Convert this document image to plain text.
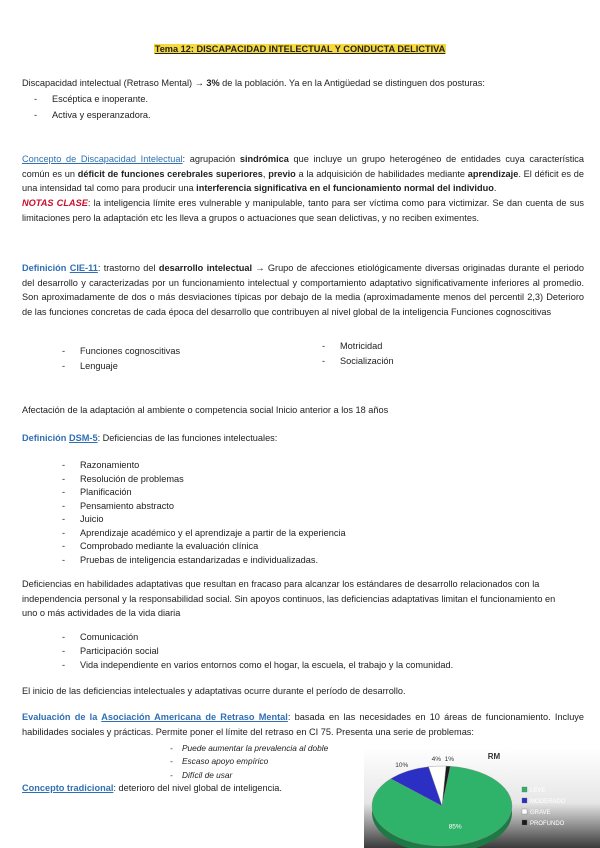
Tema 12: DISCAPACIDAD INTELECTUAL Y CONDUCTA DELICTIVA
Discapacidad intelectual (Retraso Mental) → 3% de la población. Ya en la Antigüedad se distinguen dos posturas:
- Escéptica e inoperante.
- Activa y esperanzadora.
Concepto de Discapacidad Intelectual: agrupación sindrómica que incluye un grupo heterogéneo de entidades cuya característica común es un déficit de funciones cerebrales superiores, previo a la adquisición de habilidades mediante aprendizaje. El déficit es de una intensidad tal como para producir una interferencia significativa en el funcionamiento normal del individuo.
NOTAS CLASE: la inteligencia límite eres vulnerable y manipulable, tanto para ser víctima como para victimizar. Se dan cuenta de sus limitaciones pero la adaptación etc les lleva a grupos o actuaciones que sean delictivas, y no reciben eximentes.
Definición CIE-11: trastorno del desarrollo intelectual → Grupo de afecciones etiológicamente diversas originadas durante el periodo del desarrollo y caracterizadas por un funcionamiento intelectual y comportamiento adaptativo significativamente inferiores al promedio. Son aproximadamente de dos o más desviaciones típicas por debajo de la media (aproximadamente menos del percentil 2,3) Deterioro de las funciones concretas de cada época del desarrollo que contribuyen al nivel global de la inteligencia Funciones cognoscitivas
- Funciones cognoscitivas
- Lenguaje
- Motricidad
- Socialización
Afectación de la adaptación al ambiente o competencia social Inicio anterior a los 18 años
Definición DSM-5: Deficiencias de las funciones intelectuales:
- Razonamiento
- Resolución de problemas
- Planificación
- Pensamiento abstracto
- Juicio
- Aprendizaje académico y el aprendizaje a partir de la experiencia
- Comprobado mediante la evaluación clínica
- Pruebas de inteligencia estandarizadas e individualizadas.
Deficiencias en habilidades adaptativas que resultan en fracaso para alcanzar los estándares de desarrollo relacionados con la independencia personal y la responsabilidad social. Sin apoyos continuos, las deficiencias adaptativas limitan el funcionamiento en uno o más actividades de la vida diaria
- Comunicación
- Participación social
- Vida independiente en varios entornos como el hogar, la escuela, el trabajo y la comunidad.
El inicio de las deficiencias intelectuales y adaptativas ocurre durante el período de desarrollo.
Evaluación de la Asociación Americana de Retraso Mental: basada en las necesidades en 10 áreas de funcionamiento. Incluye habilidades sociales y prácticas. Permite poner el límite del retraso en CI 75. Presenta una serie de problemas:
- Puede aumentar la prevalencia al doble
- Escaso apoyo empírico
- Difícil de usar
Concepto tradicional: deterioro del nivel global de inteligencia.
RM
1%
4%
10%
85%
LEVE
MODERADO
GRAVE
PROFUNDO
